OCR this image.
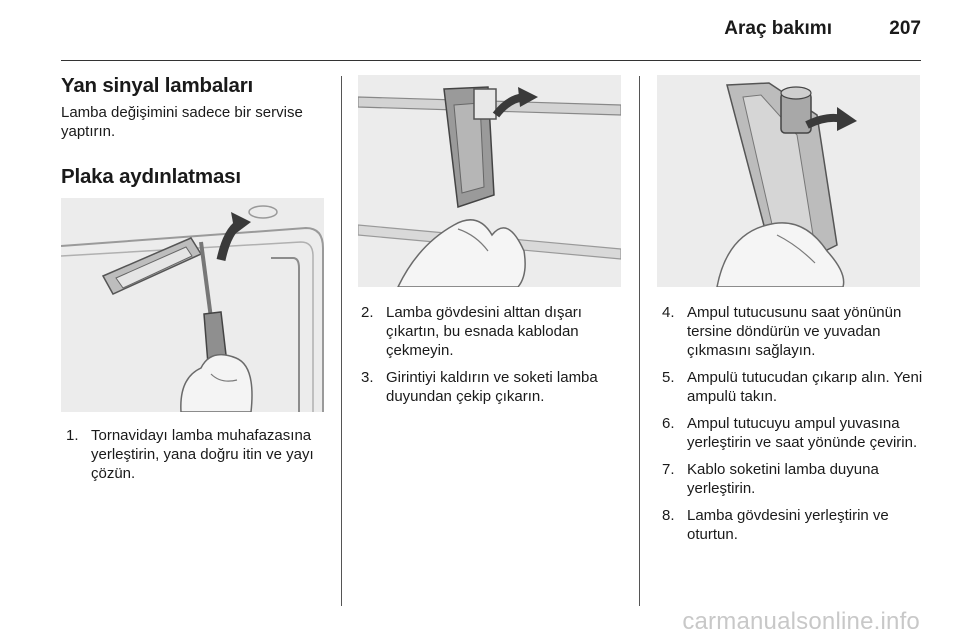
Araç bakımı	207
Yan sinyal lambaları

Lamba değişimini sadece bir servise yaptırın.

Plaka aydınlatması
1. Tornavidayı lamba muhafazasına yerleştirin, yana doğru itin ve yayı çözün.
2. Lamba gövdesini alttan dışarı çıkartın, bu esnada kablodan çekmeyin.
3. Girintiyi kaldırın ve soketi lamba duyundan çekip çıkarın.
4. Ampul tutucusunu saat yönünün tersine döndürün ve yuvadan çıkmasını sağlayın.
5. Ampulü tutucudan çıkarıp alın. Yeni ampulü takın.
6. Ampul tutucuyu ampul yuvasına yerleştirin ve saat yönünde çevirin.
7. Kablo soketini lamba duyuna yerleştirin.
8. Lamba gövdesini yerleştirin ve oturtun.
carmanualsonline.info
